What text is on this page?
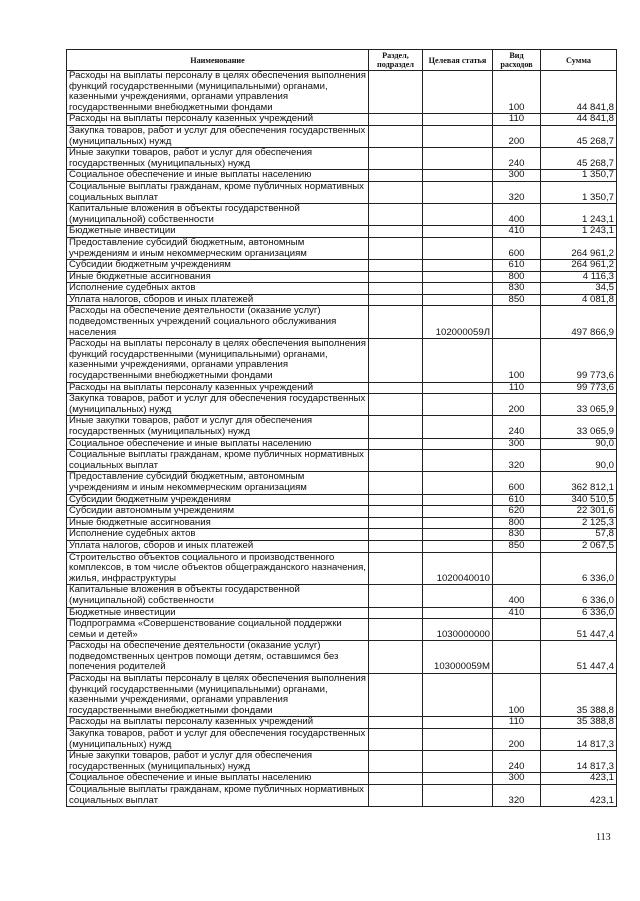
Наименование	Раздел, подраздел	Целевая статья	Вид расходов	Сумма
Расходы на выплаты персоналу в целях обеспечения выполнения функций государственными (муниципальными) органами, казенными учреждениями, органами управления государственными внебюджетными фондами			100	44 841,8
Расходы на выплаты персоналу казенных учреждений			110	44 841,8
Закупка товаров, работ и услуг для обеспечения государственных (муниципальных) нужд			200	45 268,7
Иные закупки товаров, работ и услуг для обеспечения государственных (муниципальных) нужд			240	45 268,7
Социальное обеспечение и иные выплаты населению			300	1 350,7
Социальные выплаты гражданам, кроме публичных нормативных социальных выплат			320	1 350,7
Капитальные вложения в объекты государственной (муниципальной) собственности			400	1 243,1
Бюджетные инвестиции			410	1 243,1
Предоставление субсидий бюджетным, автономным учреждениям и иным некоммерческим организациям			600	264 961,2
Субсидии бюджетным учреждениям			610	264 961,2
Иные бюджетные ассигнования			800	4 116,3
Исполнение судебных актов			830	34,5
Уплата налогов, сборов и иных платежей			850	4 081,8
Расходы на обеспечение деятельности (оказание услуг) подведомственных учреждений социального обслуживания населения		102000059Л		497 866,9
Расходы на выплаты персоналу в целях обеспечения выполнения функций государственными (муниципальными) органами, казенными учреждениями, органами управления государственными внебюджетными фондами			100	99 773,6
Расходы на выплаты персоналу казенных учреждений			110	99 773,6
Закупка товаров, работ и услуг для обеспечения государственных (муниципальных) нужд			200	33 065,9
Иные закупки товаров, работ и услуг для обеспечения государственных (муниципальных) нужд			240	33 065,9
Социальное обеспечение и иные выплаты населению			300	90,0
Социальные выплаты гражданам, кроме публичных нормативных социальных выплат			320	90,0
Предоставление субсидий бюджетным, автономным учреждениям и иным некоммерческим организациям			600	362 812,1
Субсидии бюджетным учреждениям			610	340 510,5
Субсидии автономным учреждениям			620	22 301,6
Иные бюджетные ассигнования			800	2 125,3
Исполнение судебных актов			830	57,8
Уплата налогов, сборов и иных платежей			850	2 067,5
Строительство объектов социального и производственного комплексов, в том числе объектов общегражданского назначения, жилья, инфраструктуры		1020040010		6 336,0
Капитальные вложения в объекты государственной (муниципальной) собственности			400	6 336,0
Бюджетные инвестиции			410	6 336,0
Подпрограмма «Совершенствование социальной поддержки семьи и детей»		1030000000		51 447,4
Расходы на обеспечение деятельности (оказание услуг) подведомственных центров помощи детям, оставшимся без попечения родителей		103000059М		51 447,4
Расходы на выплаты персоналу в целях обеспечения выполнения функций государственными (муниципальными) органами, казенными учреждениями, органами управления государственными внебюджетными фондами			100	35 388,8
Расходы на выплаты персоналу казенных учреждений			110	35 388,8
Закупка товаров, работ и услуг для обеспечения государственных (муниципальных) нужд			200	14 817,3
Иные закупки товаров, работ и услуг для обеспечения государственных (муниципальных) нужд			240	14 817,3
Социальное обеспечение и иные выплаты населению			300	423,1
Социальные выплаты гражданам, кроме публичных нормативных социальных выплат			320	423,1
113
